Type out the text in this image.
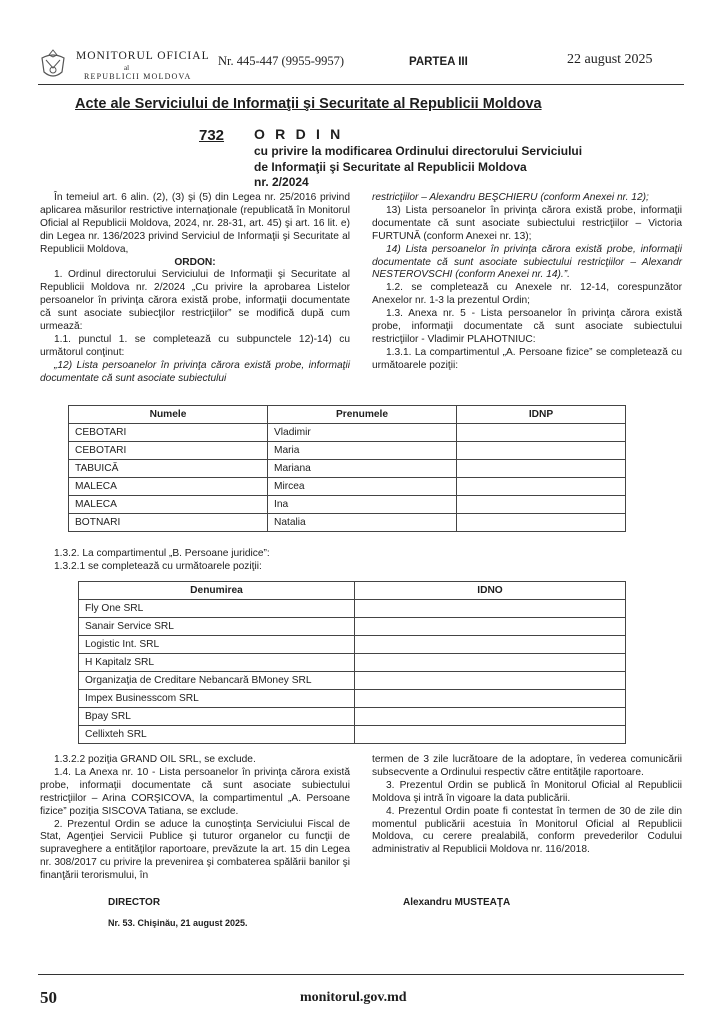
MONITORUL OFICIAL
al
REPUBLICII MOLDOVA
Nr. 445-447 (9955-9957)	PARTEA III	22 august 2025
Acte ale Serviciului de Informaţii şi Securitate al Republicii Moldova
732 O R D I N
cu privire la modificarea Ordinului directorului Serviciului
de Informaţii şi Securitate al Republicii Moldova
nr. 2/2024

În temeiul art. 6 alin. (2), (3) şi (5) din Legea nr. 25/2016 privind aplicarea măsurilor restrictive internaţionale (republicată în Monitorul Oficial al Republicii Moldova, 2024, nr. 28-31, art. 45) şi art. 16 lit. e) din Legea nr. 136/2023 privind Serviciul de Informaţii şi Securitate al Republicii Moldova,

ORDON:

1. Ordinul directorului Serviciului de Informaţii şi Securitate al Republicii Moldova nr. 2/2024 „Cu privire la aprobarea Listelor persoanelor în privinţa cărora există probe, informaţii documentate că sunt asociate subiecţilor restricţiilor” se modifică după cum urmează:

1.1. punctul 1. se completează cu subpunctele 12)-14) cu următorul conţinut:

„12) Lista persoanelor în privinţa cărora există probe, informaţii documentate că sunt asociate subiectului

restricţiilor – Alexandru BEŞCHIERU (conform Anexei nr. 12);

13) Lista persoanelor în privinţa cărora există probe, informaţii documentate că sunt asociate subiectului restricţiilor – Victoria FURTUNĂ (conform Anexei nr. 13);

14) Lista persoanelor în privinţa cărora există probe, informaţii documentate că sunt asociate subiectului restricţiilor – Alexandr NESTEROVSCHI (conform Anexei nr. 14).”.

1.2. se completează cu Anexele nr. 12-14, corespunzător Anexelor nr. 1-3 la prezentul Ordin;

1.3. Anexa nr. 5 - Lista persoanelor în privinţa cărora există probe, informaţii documentate că sunt asociate subiectului restricţiilor - Vladimir PLAHOTNIUC:

1.3.1. La compartimentul „A. Persoane fizice” se completează cu următoarele poziţii:

Numele	Prenumele	IDNP
CEBOTARI	Vladimir	
CEBOTARI	Maria	
TABUICĂ	Mariana	
MALECA	Mircea	
MALECA	Ina	
BOTNARI	Natalia	

1.3.2. La compartimentul „B. Persoane juridice”:

1.3.2.1 se completează cu următoarele poziţii:

Denumirea	IDNO
Fly One SRL	
Sanair Service SRL	
Logistic Int. SRL	
H Kapitalz SRL	
Organizaţia de Creditare Nebancară BMoney SRL	
Impex Businesscom SRL	
Bpay SRL	
Cellixteh SRL	

1.3.2.2 poziţia GRAND OIL SRL, se exclude.

1.4. La Anexa nr. 10 - Lista persoanelor în privinţa cărora există probe, informaţii documentate că sunt asociate subiectului restricţiilor – Arina CORŞICOVA, la compartimentul „A. Persoane fizice” poziţia SISCOVA Tatiana, se exclude.

2. Prezentul Ordin se aduce la cunoştinţa Serviciului Fiscal de Stat, Agenţiei Servicii Publice şi tuturor organelor cu funcţii de supraveghere a entităţilor raportoare, prevăzute la art. 15 din Legea nr. 308/2017 cu privire la prevenirea şi combaterea spălării banilor şi finanţării terorismului, în

termen de 3 zile lucrătoare de la adoptare, în vederea comunicării subsecvente a Ordinului respectiv către entităţile raportoare.

3. Prezentul Ordin se publică în Monitorul Oficial al Republicii Moldova şi intră în vigoare la data publicării.

4. Prezentul Ordin poate fi contestat în termen de 30 de zile din momentul publicării acestuia în Monitorul Oficial al Republicii Moldova, cu cerere prealabilă, conform prevederilor Codului administrativ al Republicii Moldova nr. 116/2018.

DIRECTOR	Alexandru MUSTEAŢA
Nr. 53. Chişinău, 21 august 2025.
50	monitorul.gov.md
